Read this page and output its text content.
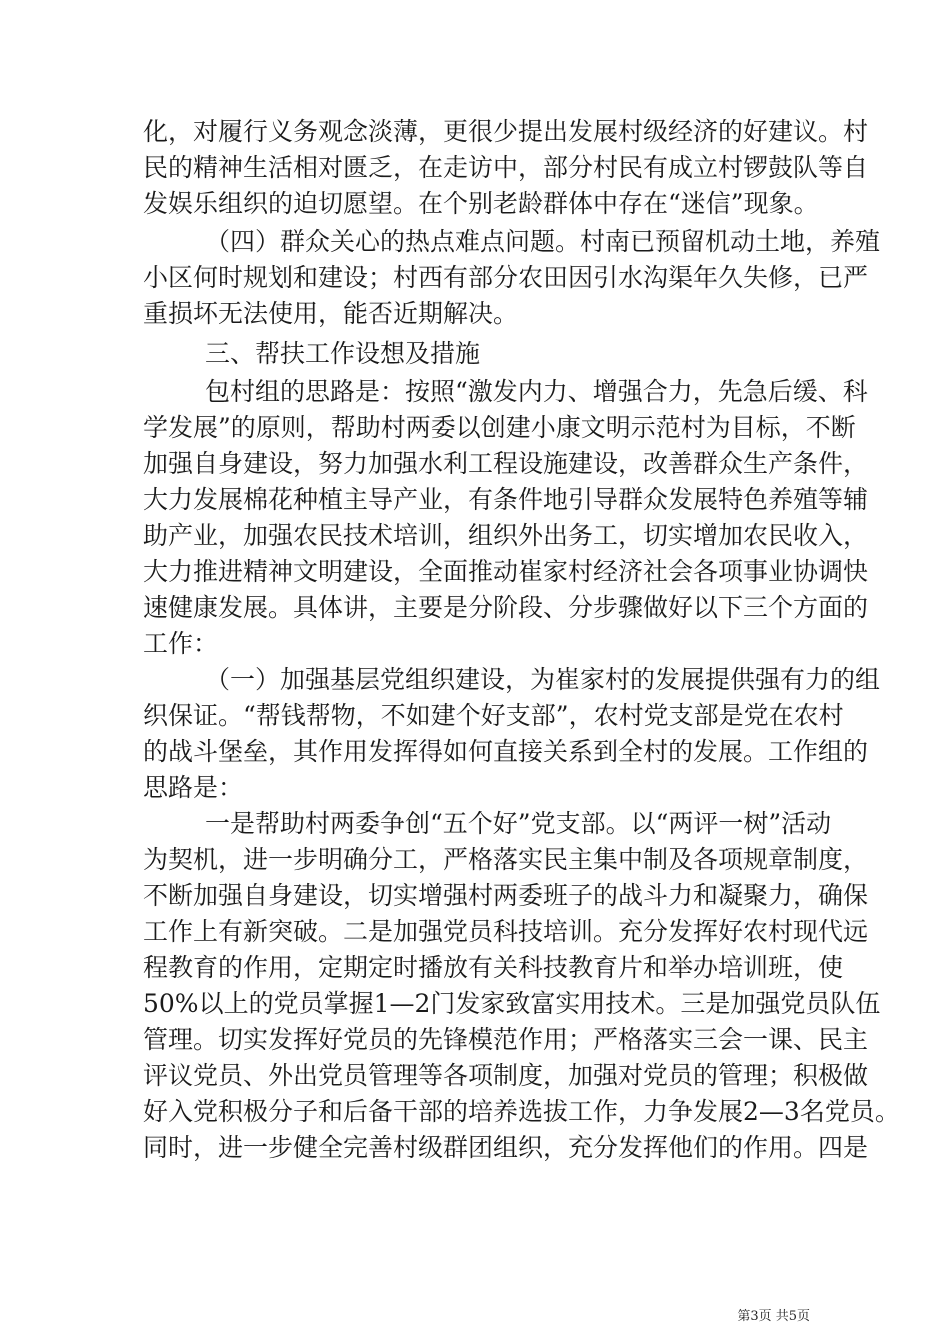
化，对履行义务观念淡薄，更很少提出发展村级经济的好建议。村
民的精神生活相对匮乏，在走访中，部分村民有成立村锣鼓队等自
发娱乐组织的迫切愿望。在个别老龄群体中存在“迷信”现象。
（四）群众关心的热点难点问题。村南已预留机动土地，养殖
小区何时规划和建设；村西有部分农田因引水沟渠年久失修，已严
重损坏无法使用，能否近期解决。
三、帮扶工作设想及措施
包村组的思路是：按照“激发内力、增强合力，先急后缓、科
学发展”的原则，帮助村两委以创建小康文明示范村为目标，不断
加强自身建设，努力加强水利工程设施建设，改善群众生产条件，
大力发展棉花种植主导产业，有条件地引导群众发展特色养殖等辅
助产业，加强农民技术培训，组织外出务工，切实增加农民收入，
大力推进精神文明建设，全面推动崔家村经济社会各项事业协调快
速健康发展。具体讲，主要是分阶段、分步骤做好以下三个方面的
工作：
（一）加强基层党组织建设，为崔家村的发展提供强有力的组
织保证。“帮钱帮物，不如建个好支部”，农村党支部是党在农村
的战斗堡垒，其作用发挥得如何直接关系到全村的发展。工作组的
思路是：
一是帮助村两委争创“五个好”党支部。以“两评一树”活动
为契机，进一步明确分工，严格落实民主集中制及各项规章制度，
不断加强自身建设，切实增强村两委班子的战斗力和凝聚力，确保
工作上有新突破。二是加强党员科技培训。充分发挥好农村现代远
程教育的作用，定期定时播放有关科技教育片和举办培训班，使
50%以上的党员掌握1—2门发家致富实用技术。三是加强党员队伍
管理。切实发挥好党员的先锋模范作用；严格落实三会一课、民主
评议党员、外出党员管理等各项制度，加强对党员的管理；积极做
好入党积极分子和后备干部的培养选拔工作，力争发展2—3名党员。
同时，进一步健全完善村级群团组织，充分发挥他们的作用。四是
第3页 共5页
